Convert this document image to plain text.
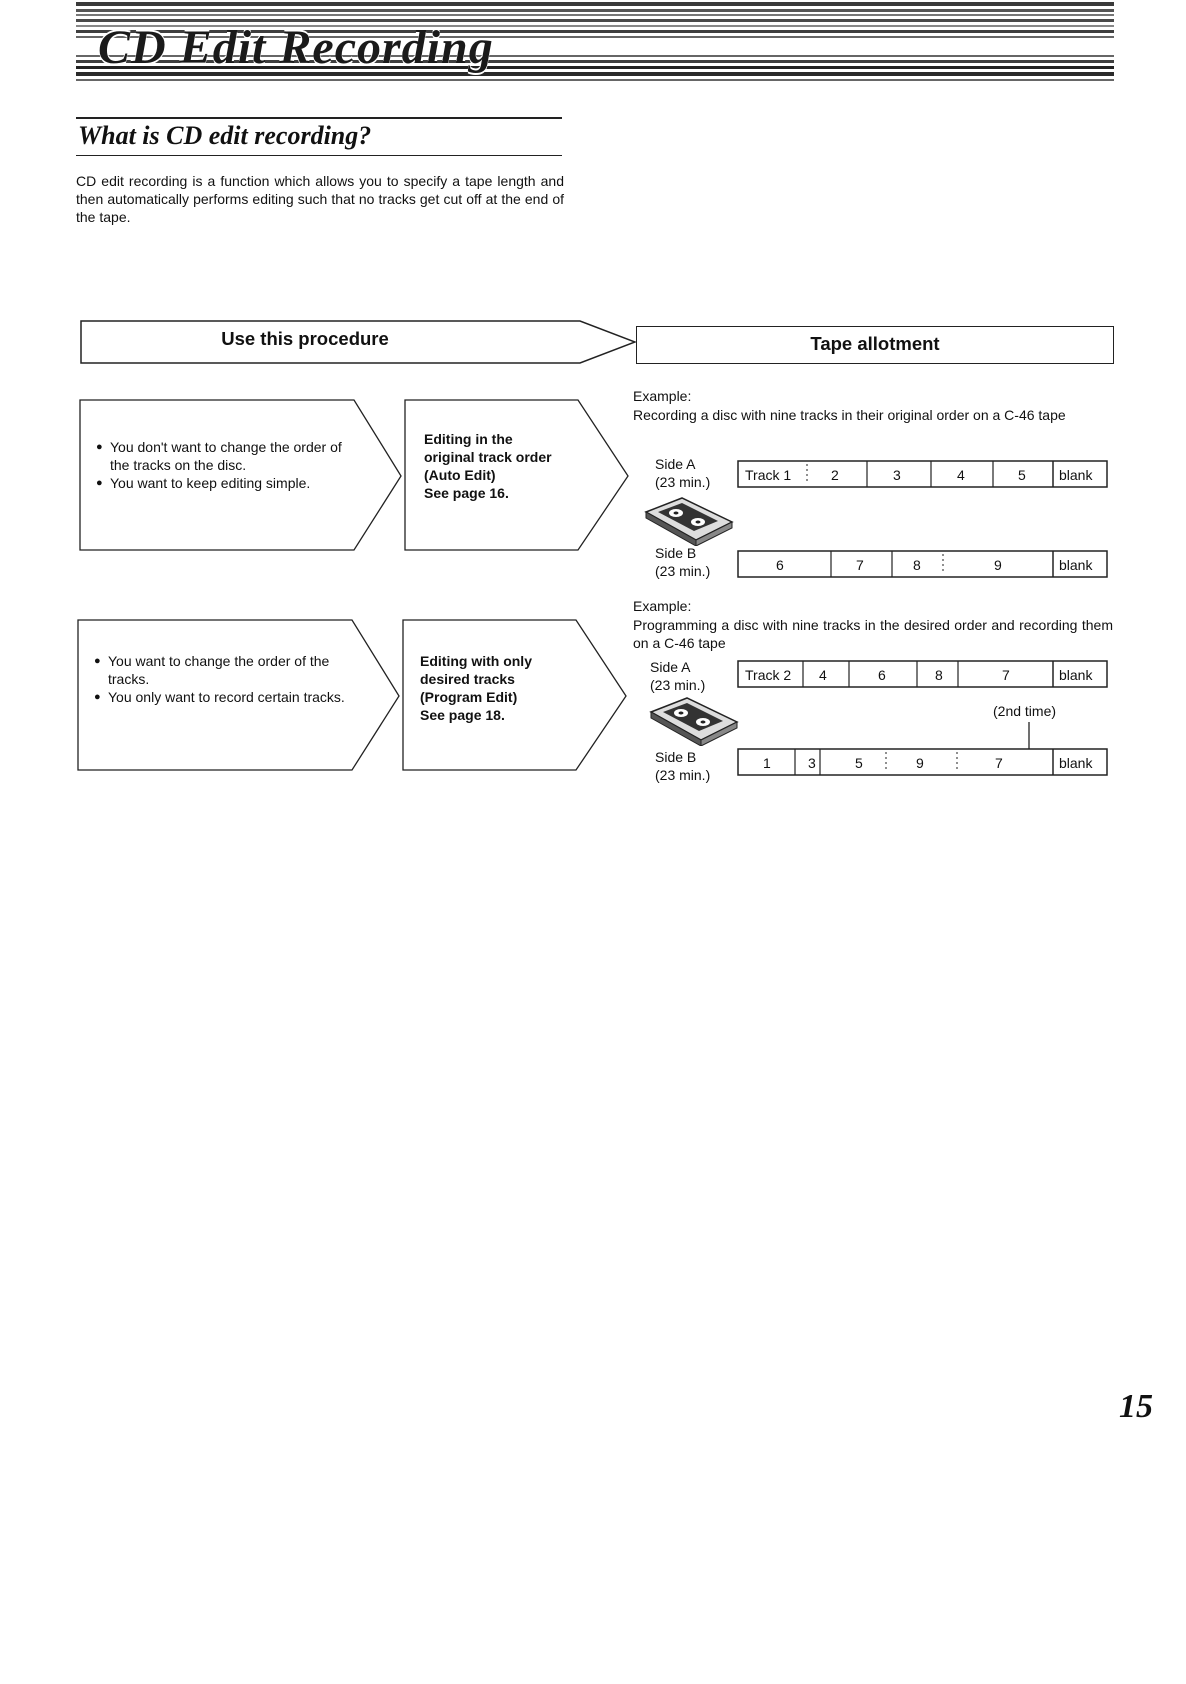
CD Edit Recording
What is CD edit recording?
CD edit recording is a function which allows you to specify a tape length and then automatically performs editing such that no tracks get cut off at the end of the tape.
Use this procedure	Tape allotment
● You don't want to change the order of the tracks on the disc.
● You want to keep editing simple.
Editing in the
original track order
(Auto Edit)
See page 16.
● You want to change the order of the tracks.
● You only want to record certain tracks.
Editing with only
desired tracks
(Program Edit)
See page 18.
Example:
Recording a disc with nine tracks in their original order on a C-46 tape
Side A
(23 min.) Track 1	2	3	4	5 blank
Side B
(23 min.)	6	7	8	9	blank
Example:
Programming a disc with nine tracks in the desired order and recording them on a C-46 tape
Side A
(23 min.)
Track 2 4	6	8	7	blank
(2nd time)
Side B
(23 min.)
1	3	5	9	7	blank
15
